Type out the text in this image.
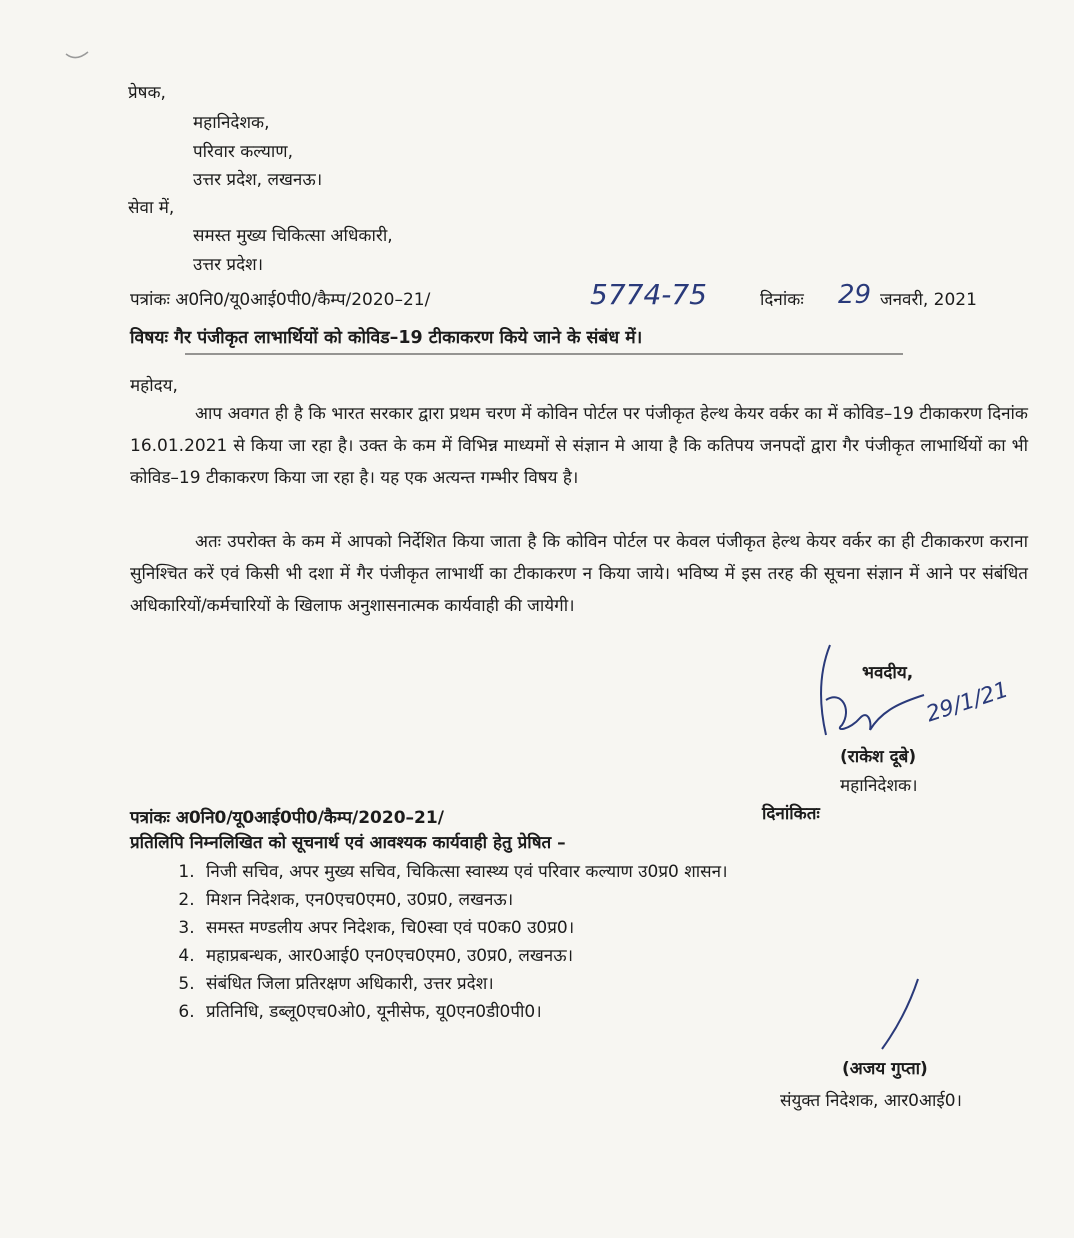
प्रेषक,
महानिदेशक,
परिवार कल्याण,
उत्तर प्रदेश, लखनऊ।
सेवा में,
समस्त मुख्य चिकित्सा अधिकारी,
उत्तर प्रदेश।
पत्रांकः अ0नि0/यू0आई0पी0/कैम्प/2020–21/	5774-75	दिनांकः 29 जनवरी, 2021
विषयः गैर पंजीकृत लाभार्थियों को कोविड–19 टीकाकरण किये जाने के संबंध में।
महोदय,
आप अवगत ही है कि भारत सरकार द्वारा प्रथम चरण में कोविन पोर्टल पर पंजीकृत हेल्थ केयर वर्कर का में कोविड–19 टीकाकरण दिनांक 16.01.2021 से किया जा रहा है। उक्त के कम में विभिन्न माध्यमों से संज्ञान मे आया है कि कतिपय जनपदों द्वारा गैर पंजीकृत लाभार्थियों का भी कोविड–19 टीकाकरण किया जा रहा है। यह एक अत्यन्त गम्भीर विषय है।
अतः उपरोक्त के कम में आपको निर्देशित किया जाता है कि कोविन पोर्टल पर केवल पंजीकृत हेल्थ केयर वर्कर का ही टीकाकरण कराना सुनिश्चित करें एवं किसी भी दशा में गैर पंजीकृत लाभार्थी का टीकाकरण न किया जाये। भविष्य में इस तरह की सूचना संज्ञान में आने पर संबंधित अधिकारियों/कर्मचारियों के खिलाफ अनुशासनात्मक कार्यवाही की जायेगी।
भवदीय,
29/1/21
(राकेश दूबे)
महानिदेशक।
पत्रांकः अ0नि0/यू0आई0पी0/कैम्प/2020–21/	दिनांकितः
प्रतिलिपि निम्नलिखित को सूचनार्थ एवं आवश्यक कार्यवाही हेतु प्रेषित –
1. निजी सचिव, अपर मुख्य सचिव, चिकित्सा स्वास्थ्य एवं परिवार कल्याण उ0प्र0 शासन।
2. मिशन निदेशक, एन0एच0एम0, उ0प्र0, लखनऊ।
3. समस्त मण्डलीय अपर निदेशक, चि0स्वा एवं प0क0 उ0प्र0।
4. महाप्रबन्धक, आर0आई0 एन0एच0एम0, उ0प्र0, लखनऊ।
5. संबंधित जिला प्रतिरक्षण अधिकारी, उत्तर प्रदेश।
6. प्रतिनिधि, डब्लू0एच0ओ0, यूनीसेफ, यू0एन0डी0पी0।
(अजय गुप्ता)
संयुक्त निदेशक, आर0आई0।
